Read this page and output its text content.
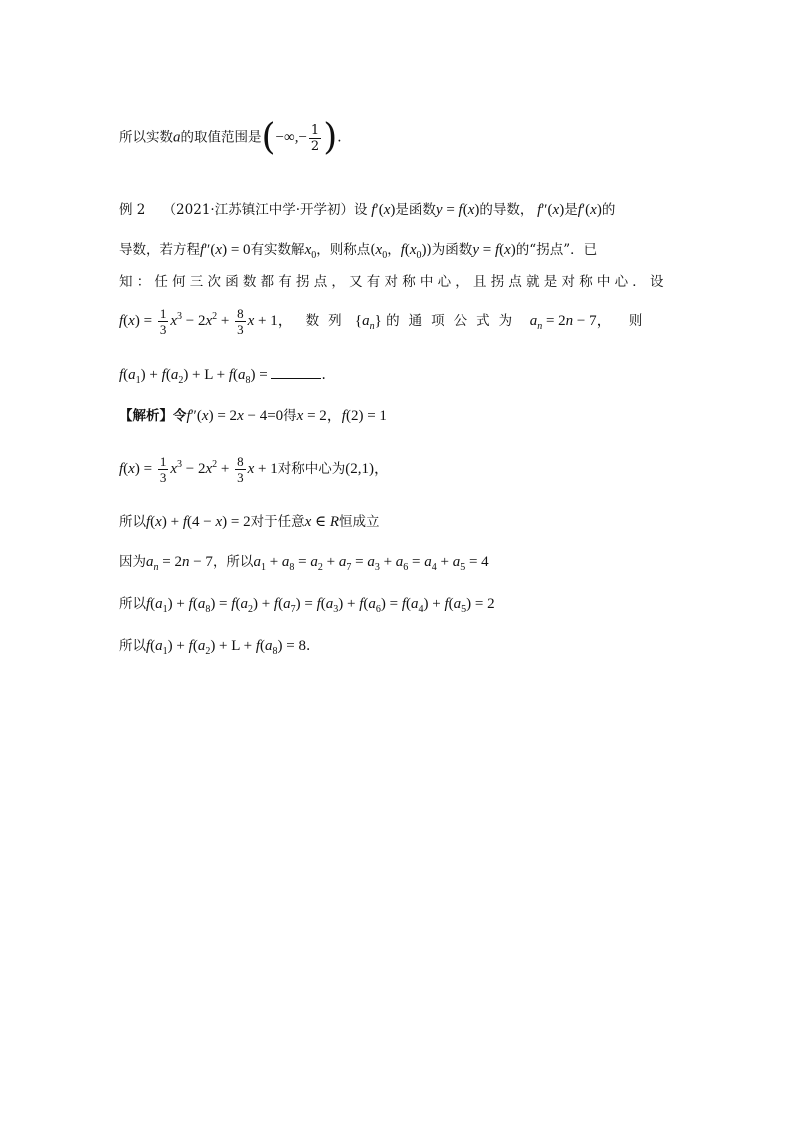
所以实数a的取值范围是(−∞,− $\frac{1}{2}$ ).
例 2 （2021·江苏镇江中学·开学初）设 f′(x)是函数y = f(x)的导数， f″(x)是f′(x)的
导数，若方程f″(x) = 0有实数解$x_0$，则称点($x_0$，$f(x_0)$)为函数y = f(x)的“拐点”．已
知：任何三次函数都有拐点，又有对称中心，且拐点就是对称中心．设
$f(x) = \frac{1}{3} x^3 - 2x^2 + \frac{8}{3}$ x + 1， 数列 $\{a_n\}$ 的通项公式为 $a_n = 2n - 7$， 则
$f(a_1) + f(a_2) + L + f(a_8)$ =	.
【解析】令f″(x) = 2x − 4=0得x = 2，f(2) = 1
$f(x) = \frac{1}{3} x^3 - 2x^2 + \frac{8}{3}$ x + 1对称中心为(2,1)，
所以f(x) + f(4 − x) = 2对于任意x ∈ R恒成立
因为$a_n = 2n - 7$，所以$a_1 + a_8 = a_2 + a_7 = a_3 + a_6 = a_4 + a_5 = 4$
所以$f(a_1) + f(a_8) = f(a_2) + f(a_7) = f(a_3) + f(a_6) = f(a_4) + f(a_5) = 2$
所以$f(a_1) + f(a_2) + L + f(a_8) = 8$.
